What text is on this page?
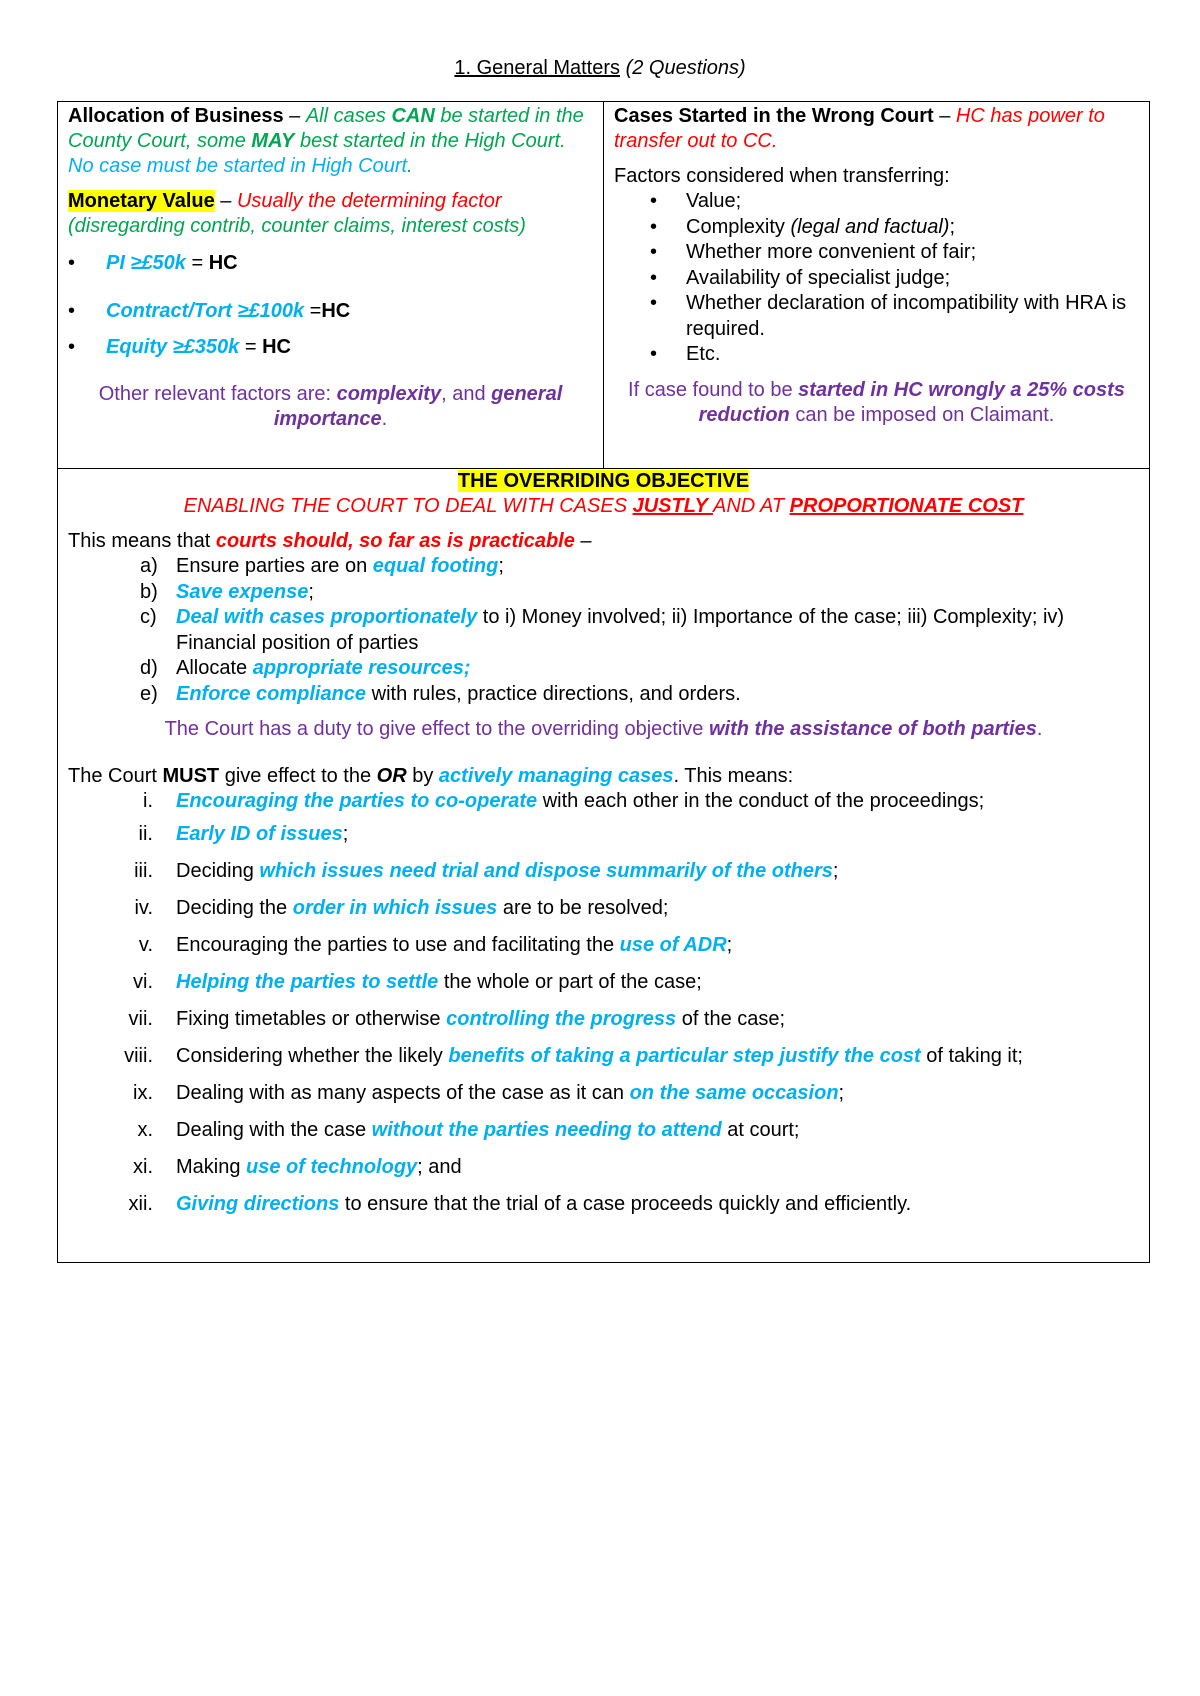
1. General Matters (2 Questions)

Allocation of Business – All cases CAN be started in the County Court, some MAY best started in the High Court. No case must be started in High Court.

Monetary Value – Usually the determining factor
(disregarding contrib, counter claims, interest costs)

• PI ≥£50k = HC
• Contract/Tort ≥£100k =HC
• Equity ≥£350k = HC

Other relevant factors are: complexity, and general importance.

Cases Started in the Wrong Court – HC has power to transfer out to CC.

Factors considered when transferring:

• Value;
• Complexity (legal and factual);
• Whether more convenient of fair;
• Availability of specialist judge;
• Whether declaration of incompatibility with HRA is required.
• Etc.

If case found to be started in HC wrongly a 25% costs reduction can be imposed on Claimant.

THE OVERRIDING OBJECTIVE

ENABLING THE COURT TO DEAL WITH CASES JUSTLY AND AT PROPORTIONATE COST

This means that courts should, so far as is practicable –

a) Ensure parties are on equal footing;
b) Save expense;
c) Deal with cases proportionately to i) Money involved; ii) Importance of the case; iii) Complexity; iv) Financial position of parties
d) Allocate appropriate resources;
e) Enforce compliance with rules, practice directions, and orders.

The Court has a duty to give effect to the overriding objective with the assistance of both parties.

The Court MUST give effect to the OR by actively managing cases. This means:

i. Encouraging the parties to co-operate with each other in the conduct of the proceedings;
ii. Early ID of issues;
iii. Deciding which issues need trial and dispose summarily of the others;
iv. Deciding the order in which issues are to be resolved;
v. Encouraging the parties to use and facilitating the use of ADR;
vi. Helping the parties to settle the whole or part of the case;
vii. Fixing timetables or otherwise controlling the progress of the case;
viii. Considering whether the likely benefits of taking a particular step justify the cost of taking it;
ix. Dealing with as many aspects of the case as it can on the same occasion;
x. Dealing with the case without the parties needing to attend at court;
xi. Making use of technology; and
xii. Giving directions to ensure that the trial of a case proceeds quickly and efficiently.
